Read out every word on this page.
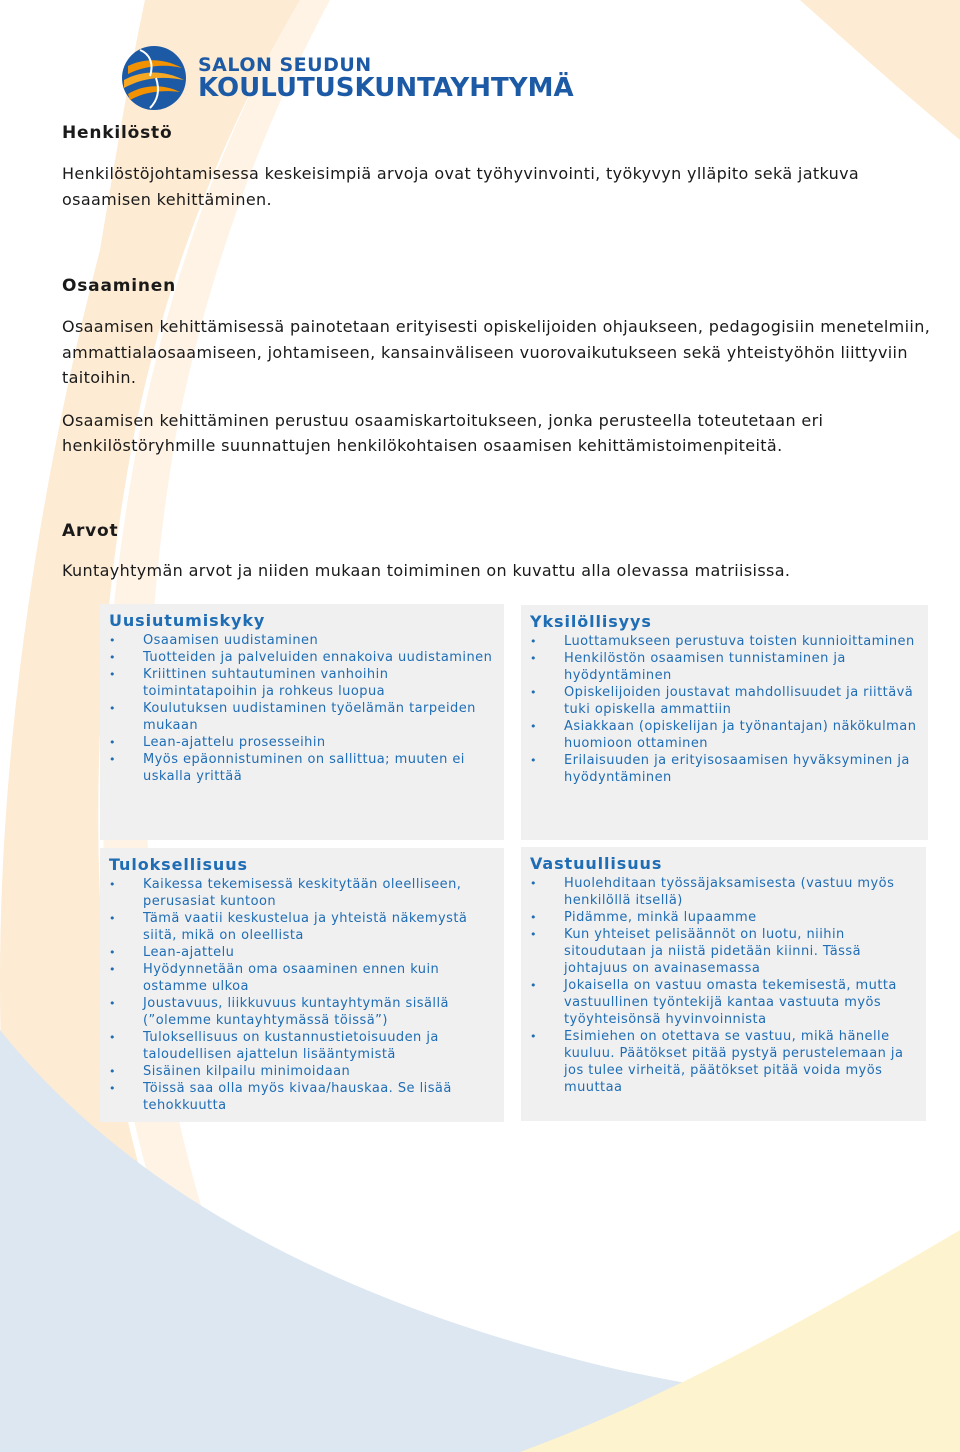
SALON SEUDUN

KOULUTUSKUNTAYHTYMÄ

Henkilöstö

Henkilöstöjohtamisessa keskeisimpiä arvoja ovat työhyvinvointi, työkyvyn ylläpito sekä jatkuva osaamisen kehittäminen.

Osaaminen

Osaamisen kehittämisessä painotetaan erityisesti opiskelijoiden ohjaukseen, pedagogisiin menetelmiin, ammattialaosaamiseen, johtamiseen, kansainväliseen vuorovaikutukseen sekä yhteistyöhön liittyviin taitoihin.

Osaamisen kehittäminen perustuu osaamiskartoitukseen, jonka perusteella toteutetaan eri henkilöstöryhmille suunnattujen henkilökohtaisen osaamisen kehittämistoimenpiteitä.

Arvot

Kuntayhtymän arvot ja niiden mukaan toimiminen on kuvattu alla olevassa matriisissa.

Uusiutumiskyky
• Osaamisen uudistaminen
• Tuotteiden ja palveluiden ennakoiva uudistaminen
• Kriittinen suhtautuminen vanhoihin toimintatapoihin ja rohkeus luopua
• Koulutuksen uudistaminen työelämän tarpeiden mukaan
• Lean-ajattelu prosesseihin
• Myös epäonnistuminen on sallittua; muuten ei uskalla yrittää
Yksilöllisyys
• Luottamukseen perustuva toisten kunnioittaminen
• Henkilöstön osaamisen tunnistaminen ja hyödyntäminen
• Opiskelijoiden joustavat mahdollisuudet ja riittävä tuki opiskella ammattiin
• Asiakkaan (opiskelijan ja työnantajan) näkökulman huomioon ottaminen
• Erilaisuuden ja erityisosaamisen hyväksyminen ja hyödyntäminen
Tuloksellisuus
• Kaikessa tekemisessä keskitytään oleelliseen, perusasiat kuntoon
• Tämä vaatii keskustelua ja yhteistä näkemystä siitä, mikä on oleellista
• Lean-ajattelu
• Hyödynnetään oma osaaminen ennen kuin ostamme ulkoa
• Joustavuus, liikkuvuus kuntayhtymän sisällä (”olemme kuntayhtymässä töissä”)
• Tuloksellisuus on kustannustietoisuuden ja taloudellisen ajattelun lisääntymistä
• Sisäinen kilpailu minimoidaan
• Töissä saa olla myös kivaa/hauskaa. Se lisää tehokkuutta
Vastuullisuus
• Huolehditaan työssäjaksamisesta (vastuu myös henkilöllä itsellä)
• Pidämme, minkä lupaamme
• Kun yhteiset pelisäännöt on luotu, niihin sitoudutaan ja niistä pidetään kiinni. Tässä johtajuus on avainasemassa
• Jokaisella on vastuu omasta tekemisestä, mutta vastuullinen työntekijä kantaa vastuuta myös työyhteisönsä hyvinvoinnista
• Esimiehen on otettava se vastuu, mikä hänelle kuuluu. Päätökset pitää pystyä perustelemaan ja jos tulee virheitä, päätökset pitää voida myös muuttaa
